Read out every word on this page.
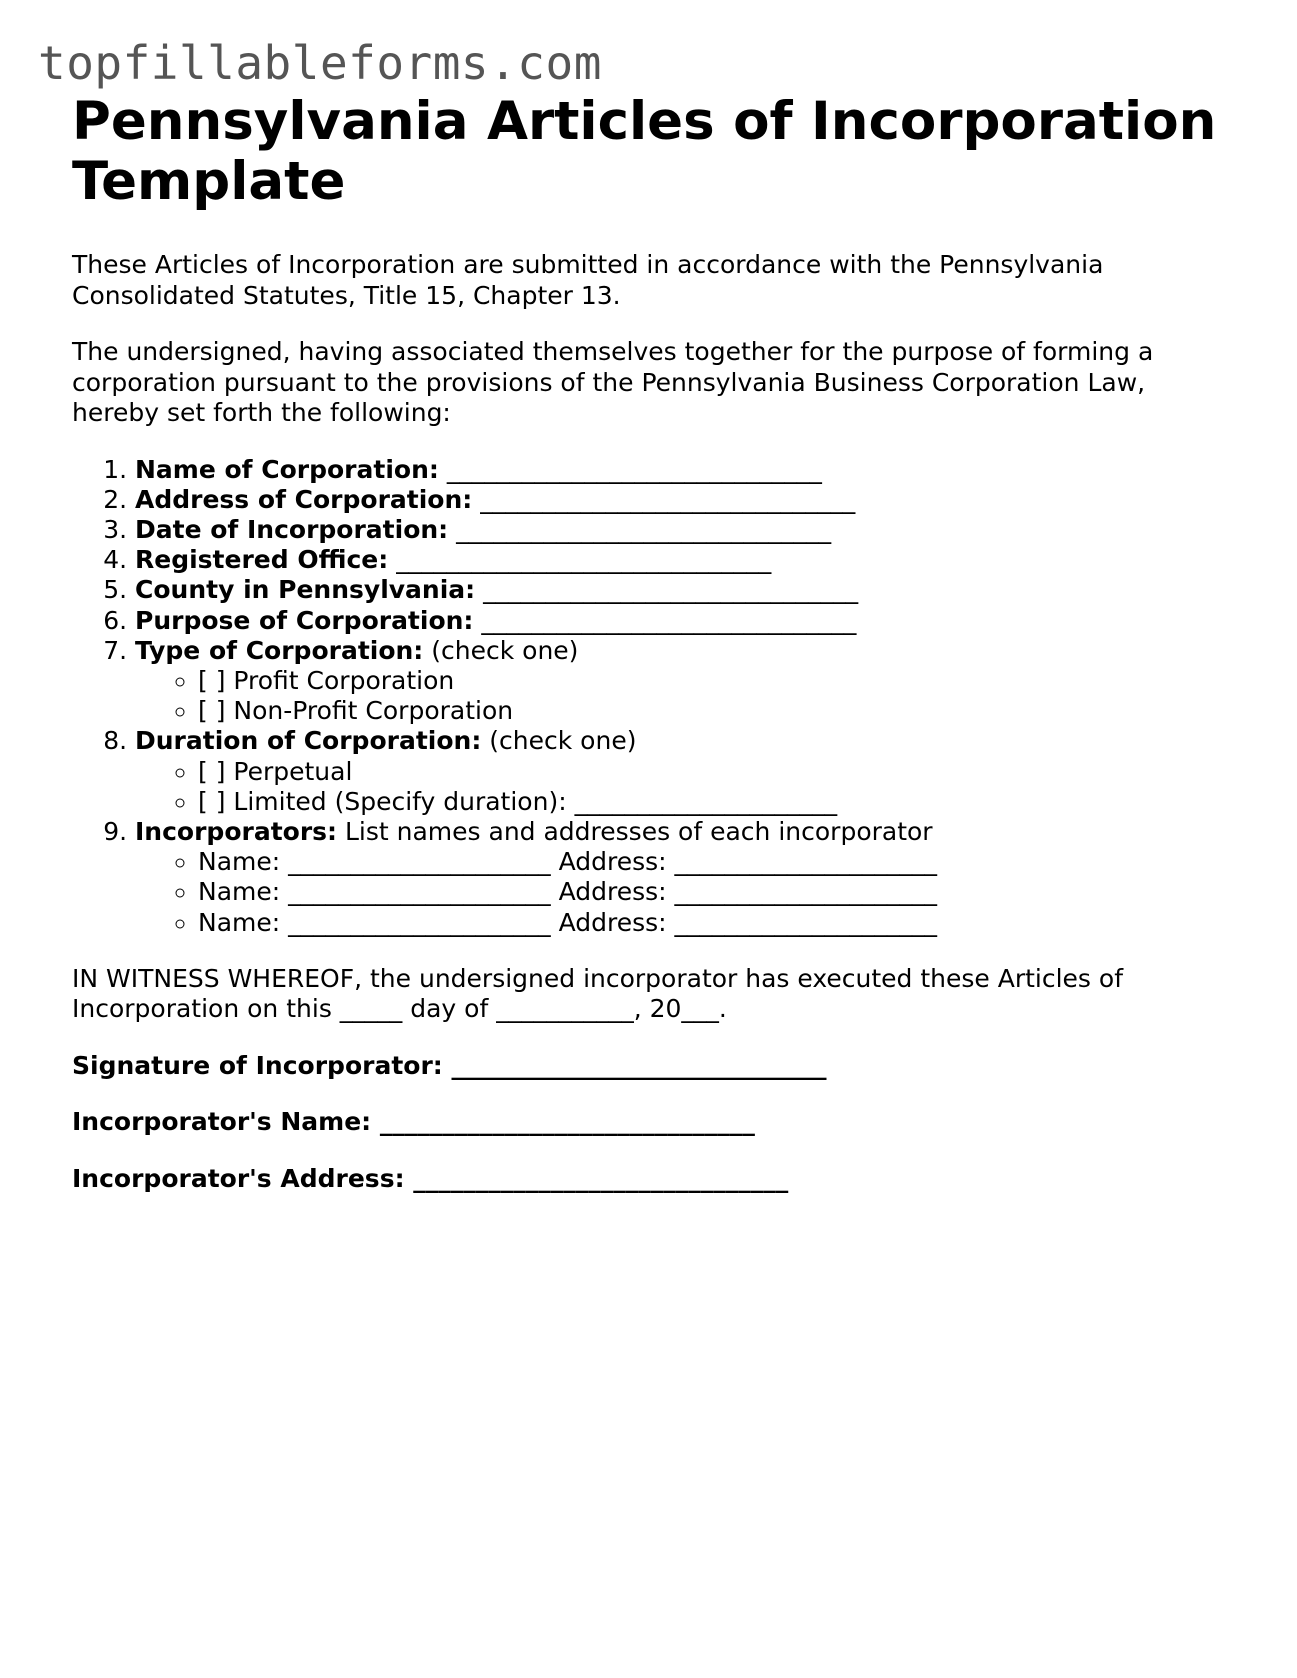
topfillableforms.com
Pennsylvania Articles of Incorporation Template

These Articles of Incorporation are submitted in accordance with the Pennsylvania Consolidated Statutes, Title 15, Chapter 13.

The undersigned, having associated themselves together for the purpose of forming a corporation pursuant to the provisions of the Pennsylvania Business Corporation Law, hereby set forth the following:

1. Name of Corporation: ______________________________
2. Address of Corporation: ______________________________
3. Date of Incorporation: ______________________________
4. Registered Office: ______________________________
5. County in Pennsylvania: ______________________________
6. Purpose of Corporation: ______________________________
7. Type of Corporation: (check one)
◦ [ ] Profit Corporation
◦ [ ] Non-Profit Corporation
8. Duration of Corporation: (check one)
◦ [ ] Perpetual
◦ [ ] Limited (Specify duration): _____________________
9. Incorporators: List names and addresses of each incorporator
◦ Name: _____________________ Address: _____________________
◦ Name: _____________________ Address: _____________________
◦ Name: _____________________ Address: _____________________

IN WITNESS WHEREOF, the undersigned incorporator has executed these Articles of Incorporation on this _____ day of ___________, 20___.

Signature of Incorporator: ______________________________

Incorporator's Name: ______________________________

Incorporator's Address: ______________________________
